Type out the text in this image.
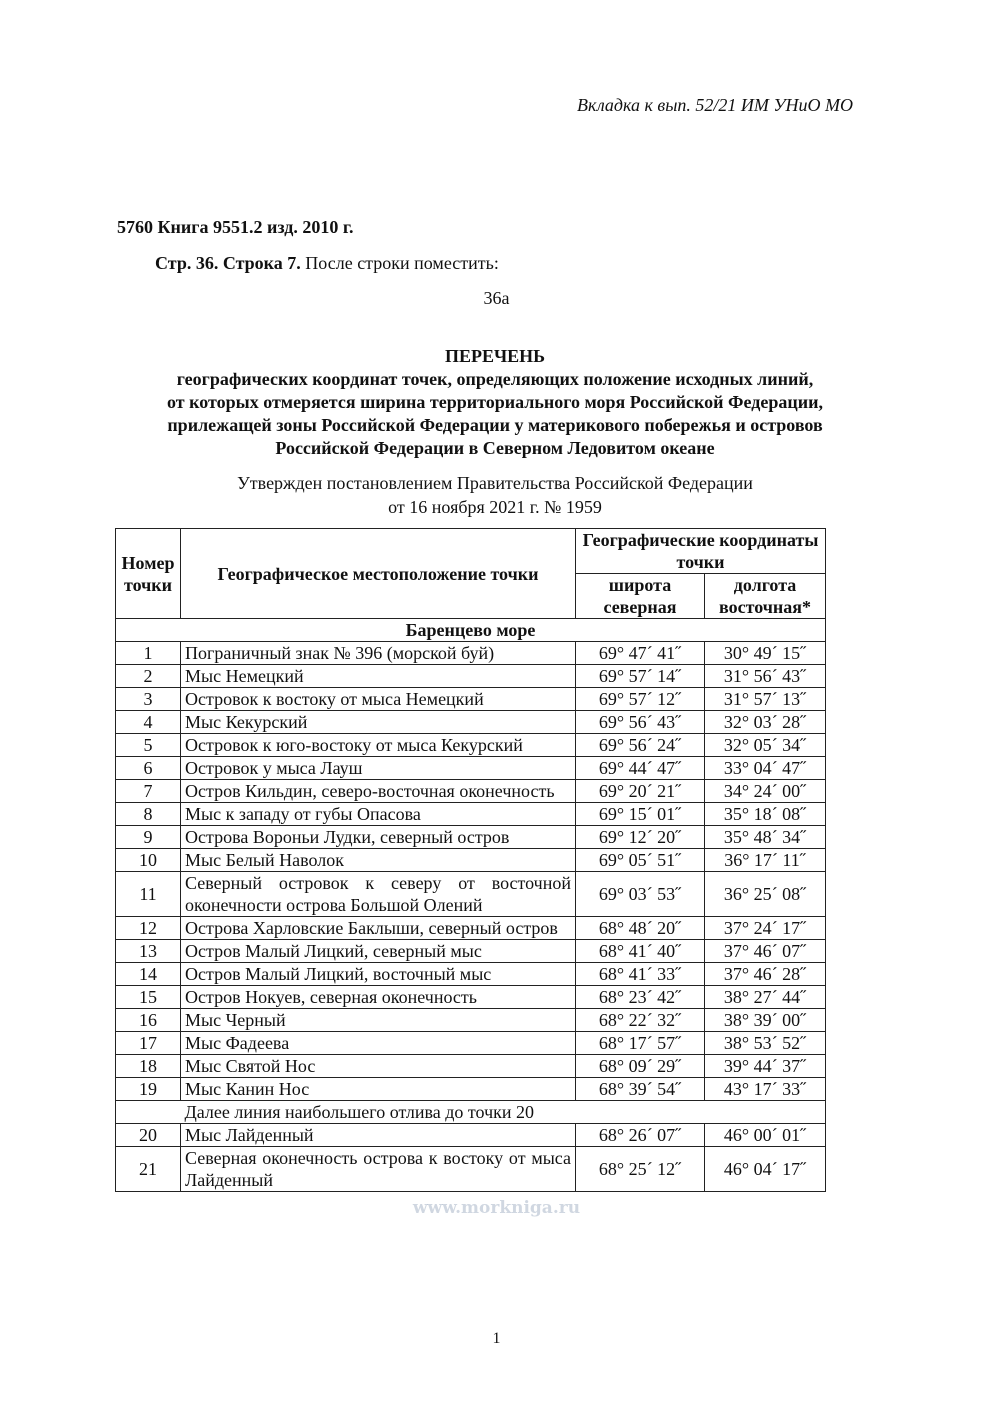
Вкладка к вып. 52/21 ИМ УНиО МО
5760 Книга 9551.2 изд. 2010 г.
Стр. 36. Строка 7. После строки поместить:
36а
ПЕРЕЧЕНЬ
географических координат точек, определяющих положение исходных линий,
от которых отмеряется ширина территориального моря Российской Федерации,
прилежащей зоны Российской Федерации у материкового побережья и островов
Российской Федерации в Северном Ледовитом океане
Утвержден постановлением Правительства Российской Федерации
от 16 ноября 2021 г. № 1959
Номер точки	Географическое местоположение точки	Географические координаты точки	
		широта северная	долгота восточная*
Баренцево море			
1	Пограничный знак № 396 (морской буй)	69° 47´ 41˝	30° 49´ 15˝
2	Мыс Немецкий	69° 57´ 14˝	31° 56´ 43˝
3	Островок к востоку от мыса Немецкий	69° 57´ 12˝	31° 57´ 13˝
4	Мыс Кекурский	69° 56´ 43˝	32° 03´ 28˝
5	Островок к юго-востоку от мыса Кекурский	69° 56´ 24˝	32° 05´ 34˝
6	Островок у мыса Лауш	69° 44´ 47˝	33° 04´ 47˝
7	Остров Кильдин, северо-восточная оконечность	69° 20´ 21˝	34° 24´ 00˝
8	Мыс к западу от губы Опасова	69° 15´ 01˝	35° 18´ 08˝
9	Острова Вороньи Лудки, северный остров	69° 12´ 20˝	35° 48´ 34˝
10	Мыс Белый Наволок	69° 05´ 51˝	36° 17´ 11˝
11	Северный островок к северу от восточной оконечности острова Большой Олений	69° 03´ 53˝	36° 25´ 08˝
12	Острова Харловские Баклыши, северный остров	68° 48´ 20˝	37° 24´ 17˝
13	Остров Малый Лицкий, северный мыс	68° 41´ 40˝	37° 46´ 07˝
14	Остров Малый Лицкий, восточный мыс	68° 41´ 33˝	37° 46´ 28˝
15	Остров Нокуев, северная оконечность	68° 23´ 42˝	38° 27´ 44˝
16	Мыс Черный	68° 22´ 32˝	38° 39´ 00˝
17	Мыс Фадеева	68° 17´ 57˝	38° 53´ 52˝
18	Мыс Святой Нос	68° 09´ 29˝	39° 44´ 37˝
19	Мыс Канин Нос	68° 39´ 54˝	43° 17´ 33˝
	Далее линия наибольшего отлива до точки 20		
20	Мыс Лайденный	68° 26´ 07˝	46° 00´ 01˝
21	Северная оконечность острова к востоку от мыса Лайденный	68° 25´ 12˝	46° 04´ 17˝
www.morkniga.ru
1
